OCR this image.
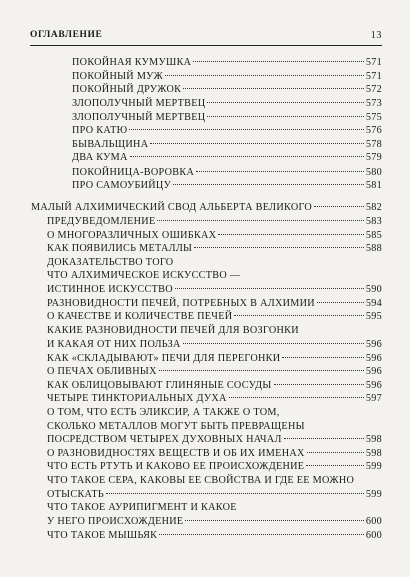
ОГЛАВЛЕНИЕ	13
ПОКОЙНАЯ КУМУШКА	571
ПОКОЙНЫЙ МУЖ	571
ПОКОЙНЫЙ ДРУЖОК	572
ЗЛОПОЛУЧНЫЙ МЕРТВЕЦ	573
ЗЛОПОЛУЧНЫЙ МЕРТВЕЦ	575
ПРО КАТЮ	576
БЫВАЛЬЩИНА	578
ДВА КУМА	579
ПОКОЙНИЦА-ВОРОВКА	580
ПРО САМОУБИЙЦУ	581
МАЛЫЙ АЛХИМИЧЕСКИЙ СВОД АЛЬБЕРТА ВЕЛИКОГО	582
ПРЕДУВЕДОМЛЕНИЕ	583
О МНОГОРАЗЛИЧНЫХ ОШИБКАХ	585
КАК ПОЯВИЛИСЬ МЕТАЛЛЫ	588
ДОКАЗАТЕЛЬСТВО ТОГО
ЧТО АЛХИМИЧЕСКОЕ ИСКУССТВО —
ИСТИННОЕ ИСКУССТВО	590
РАЗНОВИДНОСТИ ПЕЧЕЙ, ПОТРЕБНЫХ В АЛХИМИИ	594
О КАЧЕСТВЕ И КОЛИЧЕСТВЕ ПЕЧЕЙ	595
КАКИЕ РАЗНОВИДНОСТИ ПЕЧЕЙ ДЛЯ ВОЗГОНКИ
И КАКАЯ ОТ НИХ ПОЛЬЗА	596
КАК «СКЛАДЫВАЮТ» ПЕЧИ ДЛЯ ПЕРЕГОНКИ	596
О ПЕЧАХ ОБЛИВНЫХ	596
КАК ОБЛИЦОВЫВАЮТ ГЛИНЯНЫЕ СОСУДЫ	596
ЧЕТЫРЕ ТИНКТОРИАЛЬНЫХ ДУХА	597
О ТОМ, ЧТО ЕСТЬ ЭЛИКСИР, А ТАКЖЕ О ТОМ,
СКОЛЬКО МЕТАЛЛОВ МОГУТ БЫТЬ ПРЕВРАЩЕНЫ
ПОСРЕДСТВОМ ЧЕТЫРЕХ ДУХОВНЫХ НАЧАЛ	598
О РАЗНОВИДНОСТЯХ ВЕЩЕСТВ И ОБ ИХ ИМЕНАХ	598
ЧТО ЕСТЬ РТУТЬ И КАКОВО ЕЕ ПРОИСХОЖДЕНИЕ	599
ЧТО ТАКОЕ СЕРА, КАКОВЫ ЕЕ СВОЙСТВА И ГДЕ ЕЕ МОЖНО
ОТЫСКАТЬ	599
ЧТО ТАКОЕ АУРИПИГМЕНТ И КАКОЕ
У НЕГО ПРОИСХОЖДЕНИЕ	600
ЧТО ТАКОЕ МЫШЬЯК	600
